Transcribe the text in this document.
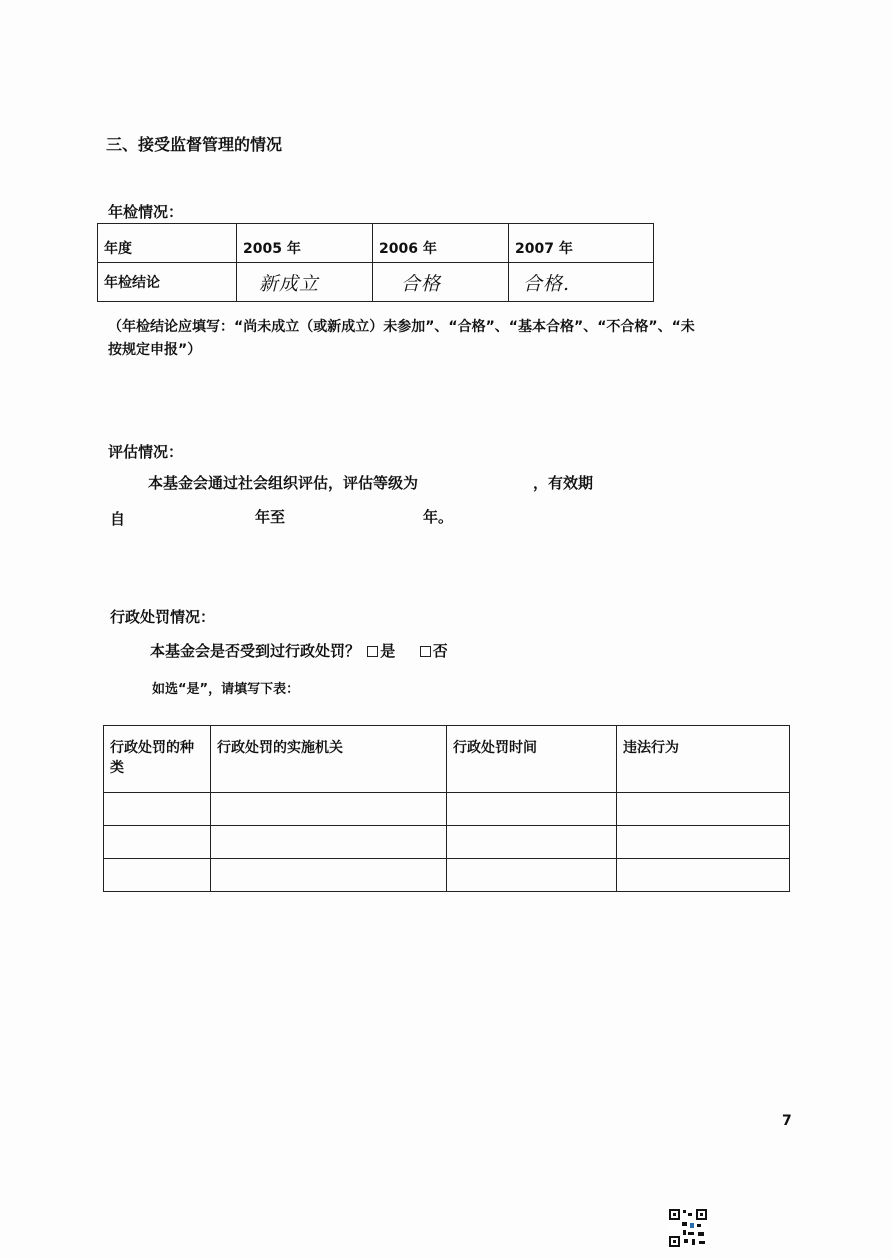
三、接受监督管理的情况
年检情况：
年度	2005 年	2006 年	2007 年
年检结论	新成立	合格	合格.
（年检结论应填写：“尚未成立（或新成立）未参加”、“合格”、“基本合格”、“不合格”、“未
按规定申报”）
评估情况：
本基金会通过社会组织评估，评估等级为	，有效期
自	年至	年。
行政处罚情况：
本基金会是否受到过行政处罚？ 是 否
如选“是”，请填写下表：
行政处罚的种类	行政处罚的实施机关	行政处罚时间	违法行为

7
